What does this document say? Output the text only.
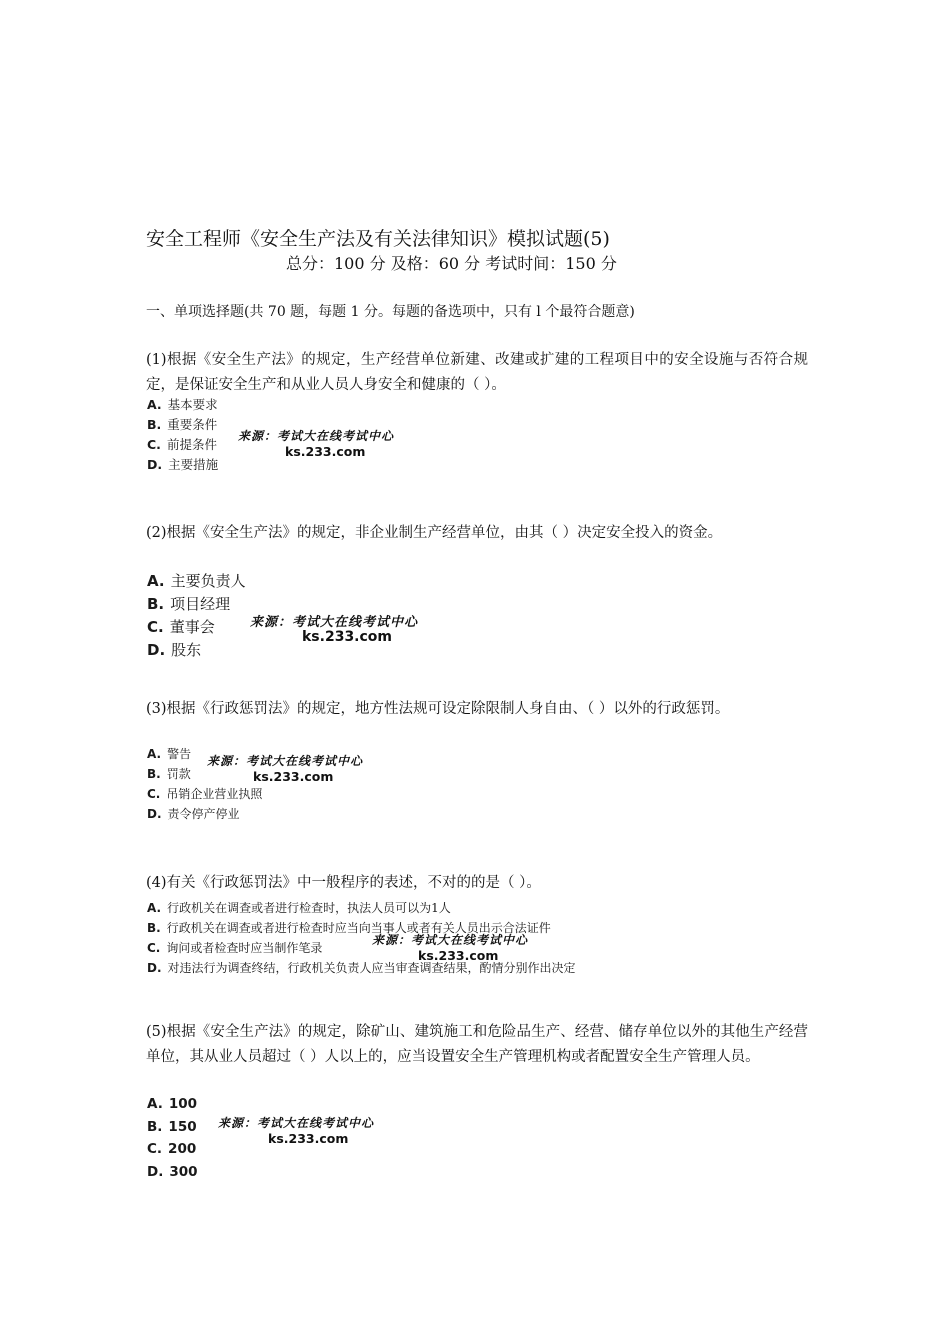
安全工程师《安全生产法及有关法律知识》模拟试题(5)
总分：100 分 及格：60 分 考试时间：150 分
一、单项选择题(共 70 题，每题 1 分。每题的备选项中，只有 l 个最符合题意)
(1)根据《安全生产法》的规定，生产经营单位新建、改建或扩建的工程项目中的安全设施与否符合规定，是保证安全生产和从业人员人身安全和健康的（ ）。
A. 基本要求
B. 重要条件
C. 前提条件
D. 主要措施
来源：考试大在线考试中心
ks.233.com
(2)根据《安全生产法》的规定，非企业制生产经营单位，由其（ ）决定安全投入的资金。
A. 主要负责人
B. 项目经理
C. 董事会
D. 股东
来源：考试大在线考试中心
ks.233.com
(3)根据《行政惩罚法》的规定，地方性法规可设定除限制人身自由、（ ）以外的行政惩罚。
A. 警告
B. 罚款
C. 吊销企业营业执照
D. 责令停产停业
来源：考试大在线考试中心
ks.233.com
(4)有关《行政惩罚法》中一般程序的表述，不对的的是（ ）。
A. 行政机关在调查或者进行检查时，执法人员可以为1人
B. 行政机关在调查或者进行检查时应当向当事人或者有关人员出示合法证件
C. 询问或者检查时应当制作笔录
D. 对违法行为调查终结，行政机关负责人应当审查调查结果，酌情分别作出决定
来源：考试大在线考试中心
ks.233.com
(5)根据《安全生产法》的规定，除矿山、建筑施工和危险品生产、经营、储存单位以外的其他生产经营单位，其从业人员超过（ ）人以上的，应当设置安全生产管理机构或者配置安全生产管理人员。
A. 100
B. 150
C. 200
D. 300
来源：考试大在线考试中心
ks.233.com
